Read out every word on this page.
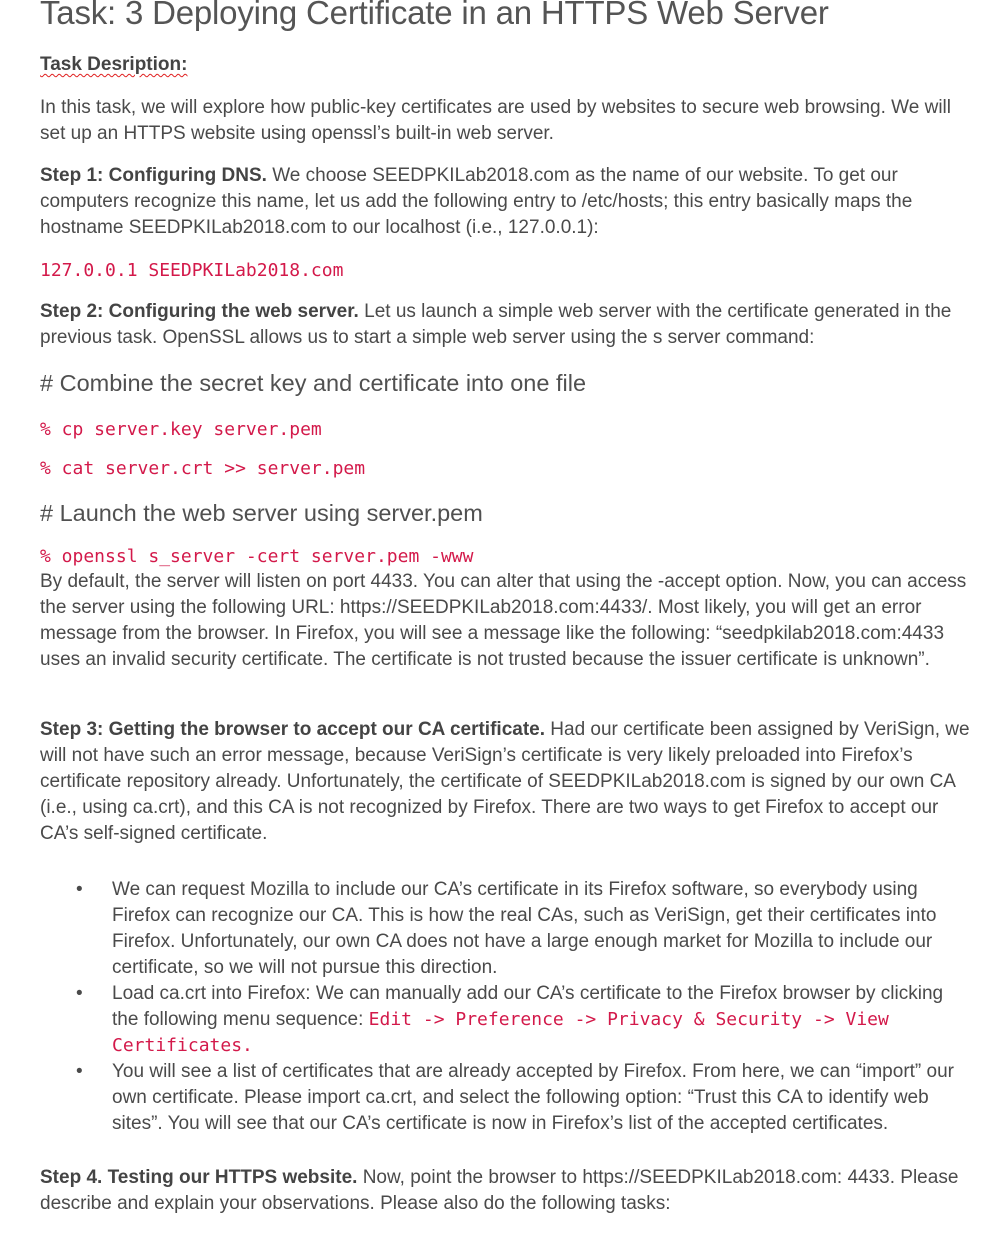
Task: 3 Deploying Certificate in an HTTPS Web Server
Task Desription:
In this task, we will explore how public-key certificates are used by websites to secure web browsing. We will set up an HTTPS website using openssl’s built-in web server.
Step 1: Configuring DNS. We choose SEEDPKILab2018.com as the name of our website. To get our computers recognize this name, let us add the following entry to /etc/hosts; this entry basically maps the hostname SEEDPKILab2018.com to our localhost (i.e., 127.0.0.1):
127.0.0.1 SEEDPKILab2018.com
Step 2: Configuring the web server. Let us launch a simple web server with the certificate generated in the previous task. OpenSSL allows us to start a simple web server using the s server command:
# Combine the secret key and certificate into one file
% cp server.key server.pem
% cat server.crt >> server.pem
# Launch the web server using server.pem
% openssl s_server -cert server.pem -www
By default, the server will listen on port 4433. You can alter that using the -accept option. Now, you can access the server using the following URL: https://SEEDPKILab2018.com:4433/. Most likely, you will get an error message from the browser. In Firefox, you will see a message like the following: “seedpkilab2018.com:4433 uses an invalid security certificate. The certificate is not trusted because the issuer certificate is unknown”.
Step 3: Getting the browser to accept our CA certificate. Had our certificate been assigned by VeriSign, we will not have such an error message, because VeriSign’s certificate is very likely preloaded into Firefox’s certificate repository already. Unfortunately, the certificate of SEEDPKILab2018.com is signed by our own CA (i.e., using ca.crt), and this CA is not recognized by Firefox. There are two ways to get Firefox to accept our CA’s self-signed certificate.
• We can request Mozilla to include our CA’s certificate in its Firefox software, so everybody using Firefox can recognize our CA. This is how the real CAs, such as VeriSign, get their certificates into Firefox. Unfortunately, our own CA does not have a large enough market for Mozilla to include our certificate, so we will not pursue this direction.
• Load ca.crt into Firefox: We can manually add our CA’s certificate to the Firefox browser by clicking the following menu sequence: Edit -> Preference -> Privacy & Security -> View Certificates.
• You will see a list of certificates that are already accepted by Firefox. From here, we can “import” our own certificate. Please import ca.crt, and select the following option: “Trust this CA to identify web sites”. You will see that our CA’s certificate is now in Firefox’s list of the accepted certificates.
Step 4. Testing our HTTPS website. Now, point the browser to https://SEEDPKILab2018.com: 4433. Please describe and explain your observations. Please also do the following tasks:
